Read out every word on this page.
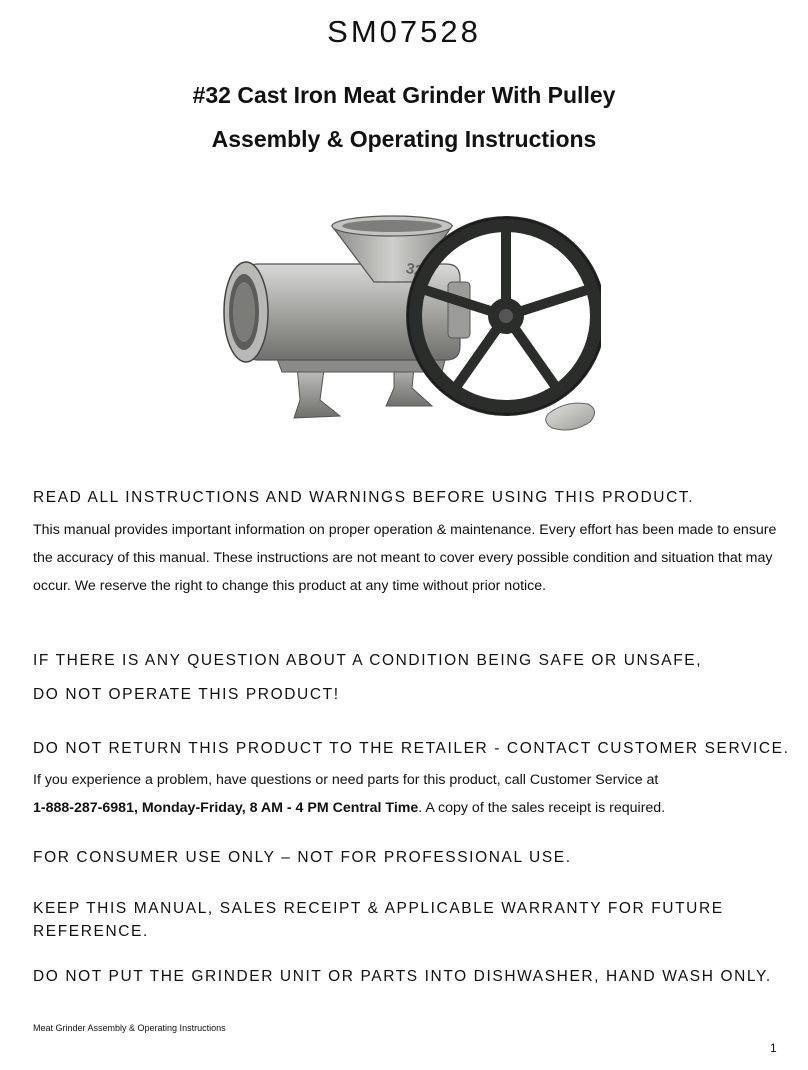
SM07528
#32 Cast Iron Meat Grinder With Pulley
Assembly & Operating Instructions
32
READ ALL INSTRUCTIONS AND WARNINGS BEFORE USING THIS PRODUCT.
This manual provides important information on proper operation & maintenance. Every effort has been made to ensure the accuracy of this manual. These instructions are not meant to cover every possible condition and situation that may occur. We reserve the right to change this product at any time without prior notice.
IF THERE IS ANY QUESTION ABOUT A CONDITION BEING SAFE OR UNSAFE,
DO NOT OPERATE THIS PRODUCT!
DO NOT RETURN THIS PRODUCT TO THE RETAILER - CONTACT CUSTOMER SERVICE.
If you experience a problem, have questions or need parts for this product, call Customer Service at
1-888-287-6981, Monday-Friday, 8 AM - 4 PM Central Time. A copy of the sales receipt is required.
FOR CONSUMER USE ONLY – NOT FOR PROFESSIONAL USE.
KEEP THIS MANUAL, SALES RECEIPT & APPLICABLE WARRANTY FOR FUTURE REFERENCE.
DO NOT PUT THE GRINDER UNIT OR PARTS INTO DISHWASHER, HAND WASH ONLY.
Meat Grinder Assembly & Operating Instructions
1
